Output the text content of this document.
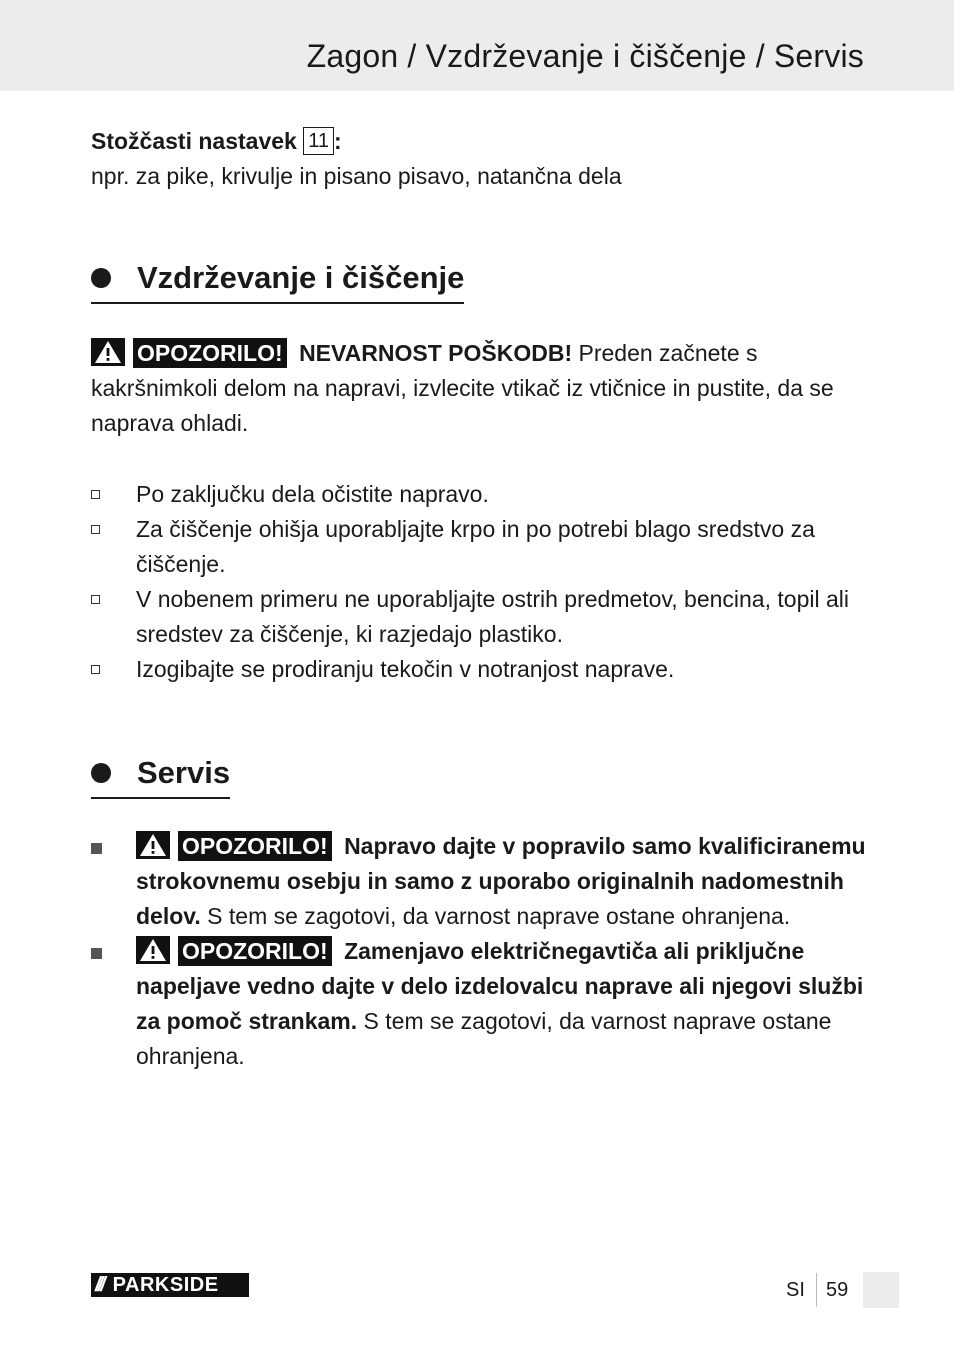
Zagon / Vzdrževanje i čiščenje / Servis

Stožčasti nastavek 11 :
npr. za pike, krivulje in pisano pisavo, natančna dela

Vzdrževanje i čiščenje

OPOZORILO! NEVARNOST POŠKODB! Preden začnete s kakršnimkoli delom na napravi, izvlecite vtikač iz vtičnice in pustite, da se naprava ohladi.

Po zaključku dela očistite napravo.
Za čiščenje ohišja uporabljajte krpo in po potrebi blago sredstvo za čiščenje.
V nobenem primeru ne uporabljajte ostrih predmetov, bencina, topil ali sredstev za čiščenje, ki razjedajo plastiko.
Izogibajte se prodiranju tekočin v notranjost naprave.
Servis
OPOZORILO! Napravo dajte v popravilo samo kvalificiranemu strokovnemu osebju in samo z uporabo originalnih nadomestnih delov. S tem se zagotovi, da varnost naprave ostane ohranjena.
OPOZORILO! Zamenjavo električnegavtiča ali priključne napeljave vedno dajte v delo izdelovalcu naprave ali njegovi službi za pomoč strankam. S tem se zagotovi, da varnost naprave ostane ohranjena.
/// PARKSIDE	SI 59
